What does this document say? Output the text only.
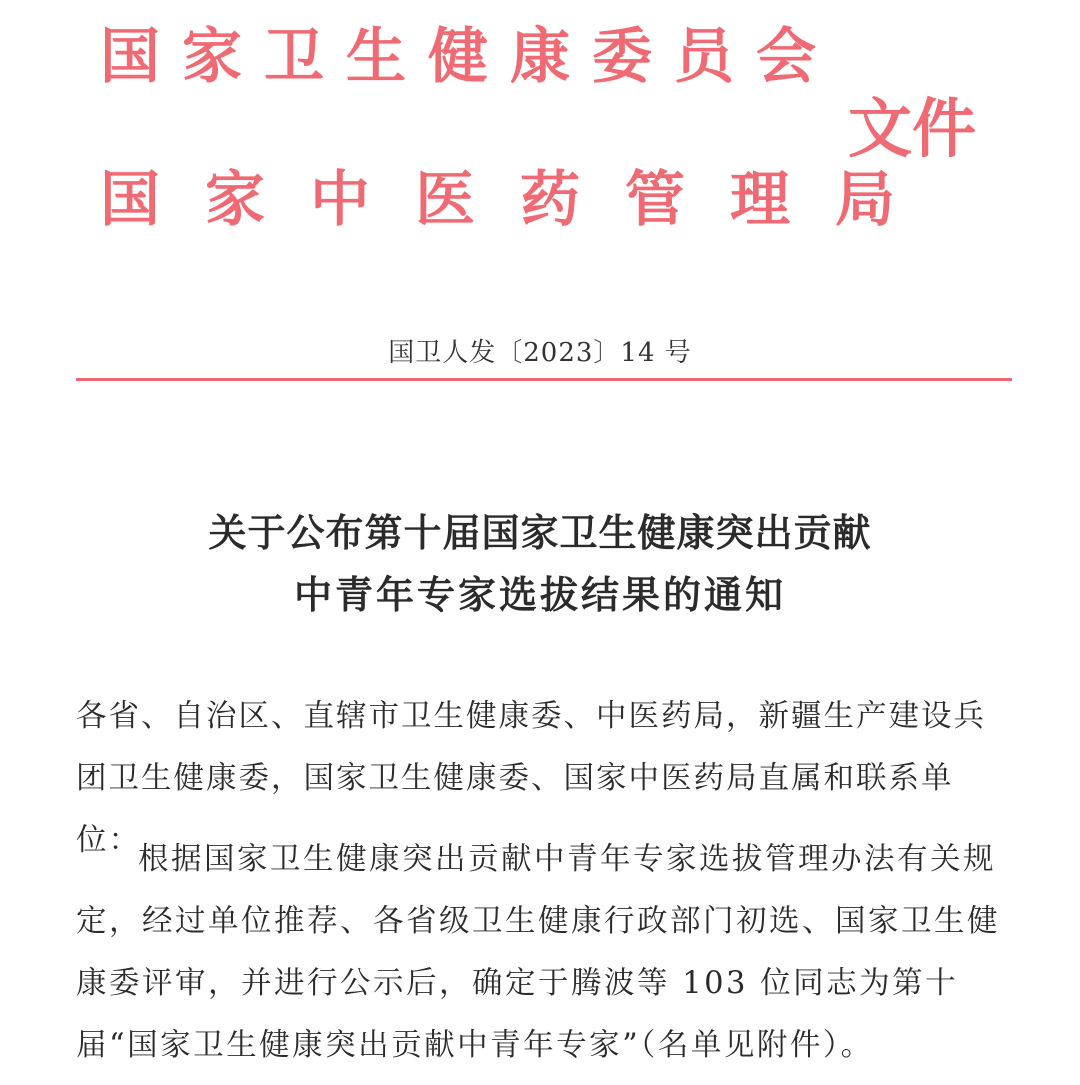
国家卫生健康委员会
文件
国家中医药管理局
国卫人发〔2023〕14 号
关于公布第十届国家卫生健康突出贡献
中青年专家选拔结果的通知

各省、自治区、直辖市卫生健康委、中医药局，新疆生产建设兵团卫生健康委，国家卫生健康委、国家中医药局直属和联系单位：

根据国家卫生健康突出贡献中青年专家选拔管理办法有关规定，经过单位推荐、各省级卫生健康行政部门初选、国家卫生健康委评审，并进行公示后，确定于腾波等 103 位同志为第十届“国家卫生健康突出贡献中青年专家”（名单见附件）。
